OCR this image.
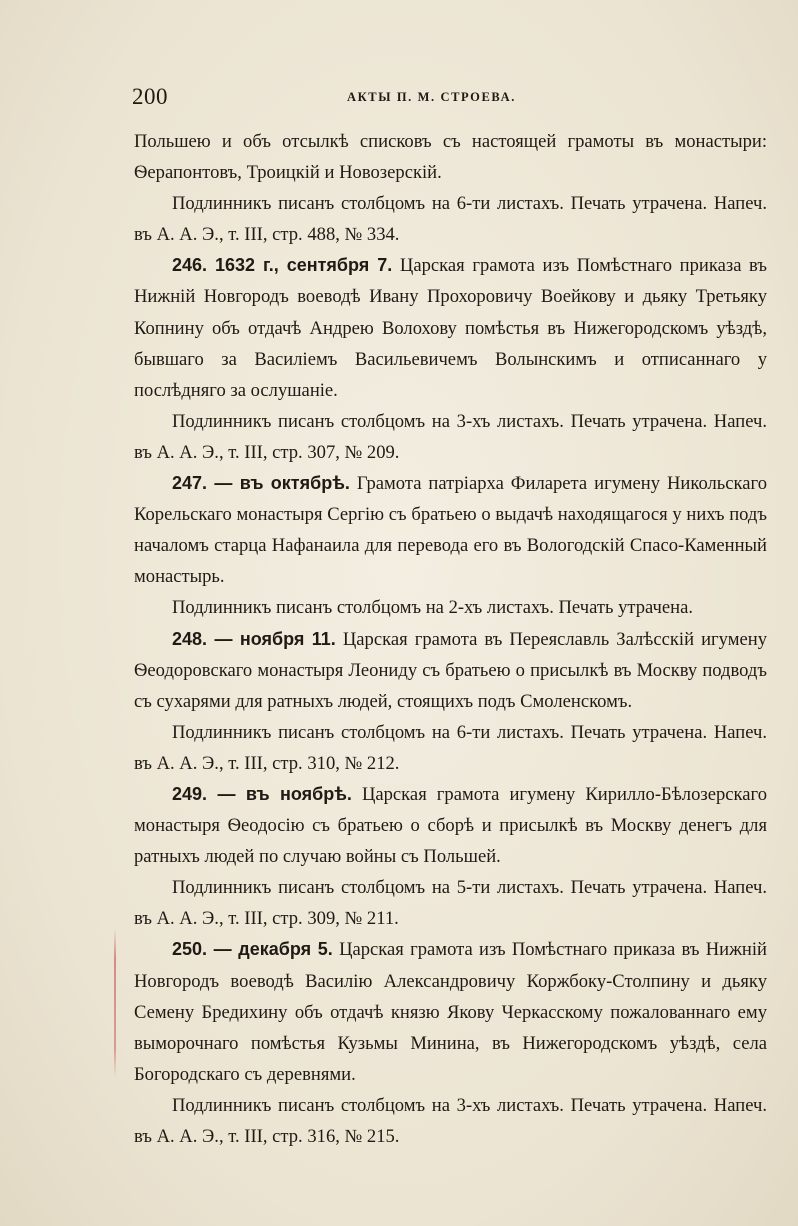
200	АКТЫ П. М. СТРОЕВА.

Польшею и объ отсылкѣ списковъ съ настоящей грамоты въ монастыри: Ѳерапонтовъ, Троицкій и Новозерскій.

Подлинникъ писанъ столбцомъ на 6-ти листахъ. Печать утрачена. Напеч. въ А. А. Э., т. III, стр. 488, № 334.

246. 1632 г., сентября 7. Царская грамота изъ Помѣстнаго приказа въ Нижній Новгородъ воеводѣ Ивану Прохоровичу Воейкову и дьяку Третьяку Копнину объ отдачѣ Андрею Волохову помѣстья въ Нижегородскомъ уѣздѣ, бывшаго за Василіемъ Васильевичемъ Волынскимъ и отписаннаго у послѣдняго за ослушаніе.

Подлинникъ писанъ столбцомъ на 3-хъ листахъ. Печать утрачена. Напеч. въ А. А. Э., т. III, стр. 307, № 209.

247. — въ октябрѣ. Грамота патріарха Филарета игумену Никольскаго Корельскаго монастыря Сергію съ братьею о выдачѣ находящагося у нихъ подъ началомъ старца Нафанаила для перевода его въ Вологодскій Спасо-Каменный монастырь.

Подлинникъ писанъ столбцомъ на 2-хъ листахъ. Печать утрачена.

248. — ноября 11. Царская грамота въ Переяславль Залѣсскій игумену Ѳеодоровскаго монастыря Леониду съ братьею о присылкѣ въ Москву подводъ съ сухарями для ратныхъ людей, стоящихъ подъ Смоленскомъ.

Подлинникъ писанъ столбцомъ на 6-ти листахъ. Печать утрачена. Напеч. въ А. А. Э., т. III, стр. 310, № 212.

249. — въ ноябрѣ. Царская грамота игумену Кирилло-Бѣлозерскаго монастыря Ѳеодосію съ братьею о сборѣ и присылкѣ въ Москву денегъ для ратныхъ людей по случаю войны съ Польшей.

Подлинникъ писанъ столбцомъ на 5-ти листахъ. Печать утрачена. Напеч. въ А. А. Э., т. III, стр. 309, № 211.

250. — декабря 5. Царская грамота изъ Помѣстнаго приказа въ Нижній Новгородъ воеводѣ Василію Александровичу Коржбоку-Столпину и дьяку Семену Бредихину объ отдачѣ князю Якову Черкасскому пожалованнаго ему выморочнаго помѣстья Кузьмы Минина, въ Нижегородскомъ уѣздѣ, села Богородскаго съ деревнями.

Подлинникъ писанъ столбцомъ на 3-хъ листахъ. Печать утрачена. Напеч. въ А. А. Э., т. III, стр. 316, № 215.
